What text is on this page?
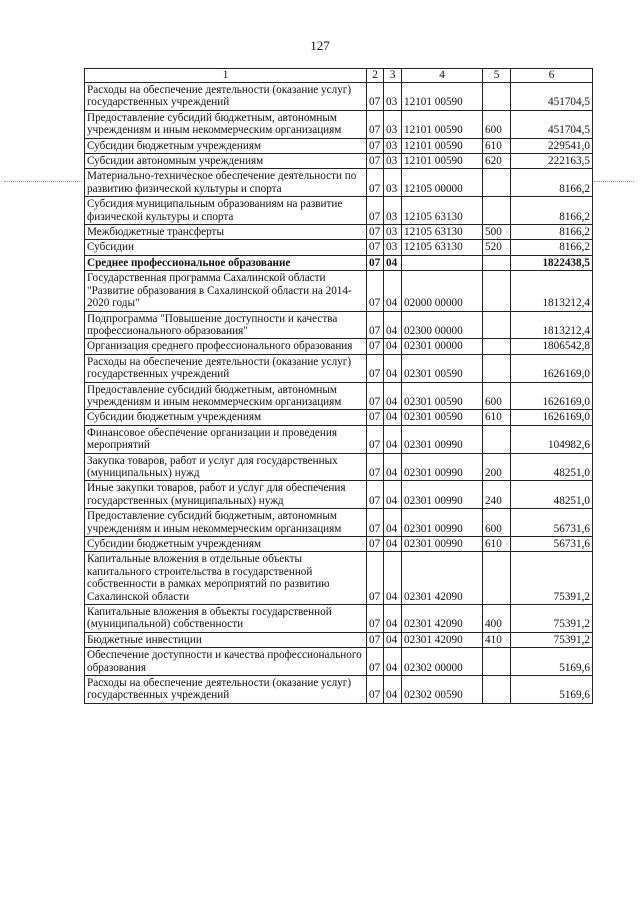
127
1	2	3	4	5	6
Расходы на обеспечение деятельности (оказание услуг) государственных учреждений	07	03	12101 00590		451704,5
Предоставление субсидий бюджетным, автономным учреждениям и иным некоммерческим организациям	07	03	12101 00590	600	451704,5
Субсидии бюджетным учреждениям	07	03	12101 00590	610	229541,0
Субсидии автономным учреждениям	07	03	12101 00590	620	222163,5
Материально-техническое обеспечение деятельности по развитию физической культуры и спорта	07	03	12105 00000		8166,2
Субсидия муниципальным образованиям на развитие физической культуры и спорта	07	03	12105 63130		8166,2
Межбюджетные трансферты	07	03	12105 63130	500	8166,2
Субсидии	07	03	12105 63130	520	8166,2
Среднее профессиональное образование	07	04			1822438,5
Государственная программа Сахалинской области "Развитие образования в Сахалинской области на 2014-2020 годы"	07	04	02000 00000		1813212,4
Подпрограмма "Повышение доступности и качества профессионального образования"	07	04	02300 00000		1813212,4
Организация среднего профессионального образования	07	04	02301 00000		1806542,8
Расходы на обеспечение деятельности (оказание услуг) государственных учреждений	07	04	02301 00590		1626169,0
Предоставление субсидий бюджетным, автономным учреждениям и иным некоммерческим организациям	07	04	02301 00590	600	1626169,0
Субсидии бюджетным учреждениям	07	04	02301 00590	610	1626169,0
Финансовое обеспечение организации и проведения мероприятий	07	04	02301 00990		104982,6
Закупка товаров, работ и услуг для государственных (муниципальных) нужд	07	04	02301 00990	200	48251,0
Иные закупки товаров, работ и услуг для обеспечения государственных (муниципальных) нужд	07	04	02301 00990	240	48251,0
Предоставление субсидий бюджетным, автономным учреждениям и иным некоммерческим организациям	07	04	02301 00990	600	56731,6
Субсидии бюджетным учреждениям	07	04	02301 00990	610	56731,6
Капитальные вложения в отдельные объекты капитального строительства в государственной собственности в рамках мероприятий по развитию Сахалинской области	07	04	02301 42090		75391,2
Капитальные вложения в объекты государственной (муниципальной) собственности	07	04	02301 42090	400	75391,2
Бюджетные инвестиции	07	04	02301 42090	410	75391,2
Обеспечение доступности и качества профессионального образования	07	04	02302 00000		5169,6
Расходы на обеспечение деятельности (оказание услуг) государственных учреждений	07	04	02302 00590		5169,6
